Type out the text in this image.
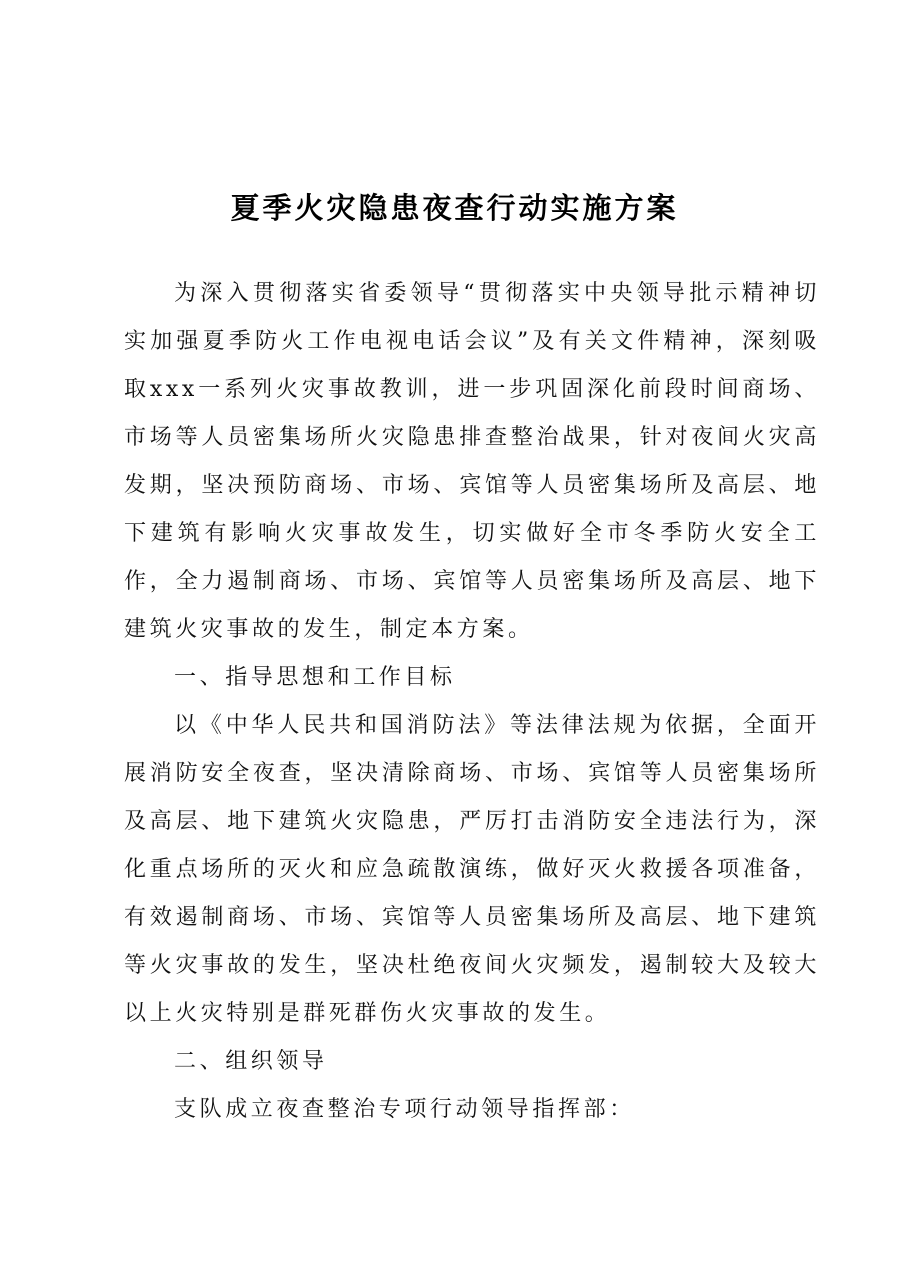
夏季火灾隐患夜查行动实施方案

为深入贯彻落实省委领导“贯彻落实中央领导批示精神切实加强夏季防火工作电视电话会议”及有关文件精神，深刻吸取xxx一系列火灾事故教训，进一步巩固深化前段时间商场、市场等人员密集场所火灾隐患排查整治战果，针对夜间火灾高发期，坚决预防商场、市场、宾馆等人员密集场所及高层、地下建筑有影响火灾事故发生，切实做好全市冬季防火安全工作，全力遏制商场、市场、宾馆等人员密集场所及高层、地下建筑火灾事故的发生，制定本方案。

一、指导思想和工作目标

以《中华人民共和国消防法》等法律法规为依据，全面开展消防安全夜查，坚决清除商场、市场、宾馆等人员密集场所及高层、地下建筑火灾隐患，严厉打击消防安全违法行为，深化重点场所的灭火和应急疏散演练，做好灭火救援各项准备，有效遏制商场、市场、宾馆等人员密集场所及高层、地下建筑等火灾事故的发生，坚决杜绝夜间火灾频发，遏制较大及较大以上火灾特别是群死群伤火灾事故的发生。

二、组织领导

支队成立夜查整治专项行动领导指挥部：
